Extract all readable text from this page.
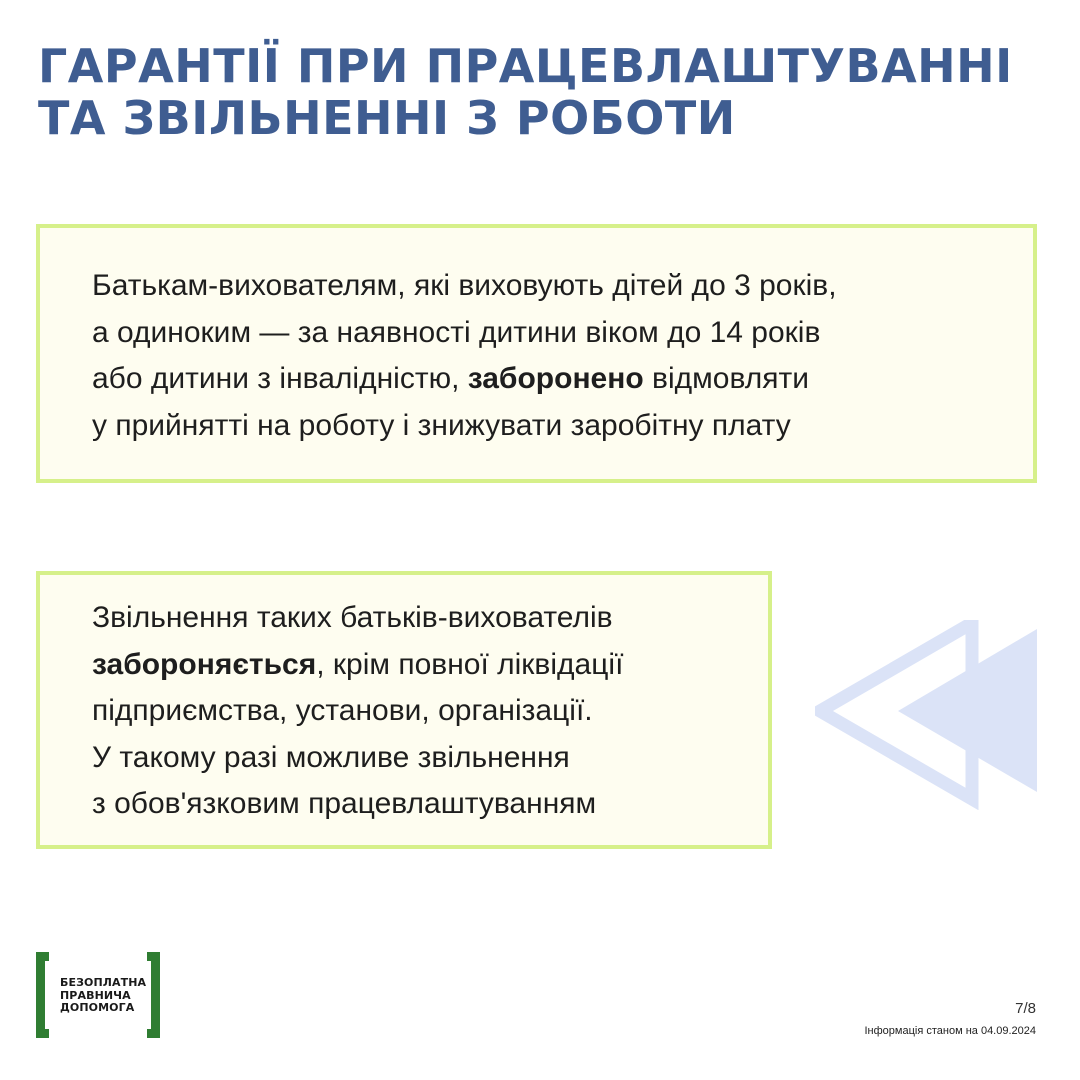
ГАРАНТІЇ ПРИ ПРАЦЕВЛАШТУВАННІ
ТА ЗВІЛЬНЕННІ З РОБОТИ

Батькам-вихователям, які виховують дітей до 3 років,

а одиноким — за наявності дитини віком до 14 років

або дитини з інвалідністю, заборонено відмовляти

у прийнятті на роботу і знижувати заробітну плату

Звільнення таких батьків-вихователів

забороняється, крім повної ліквідації

підприємства, установи, організації.

У такому разі можливе звільнення

з обов'язковим працевлаштуванням

БЕЗОПЛАТНА
ПРАВНИЧА
ДОПОМОГА	7/8
Інформація станом на 04.09.2024
